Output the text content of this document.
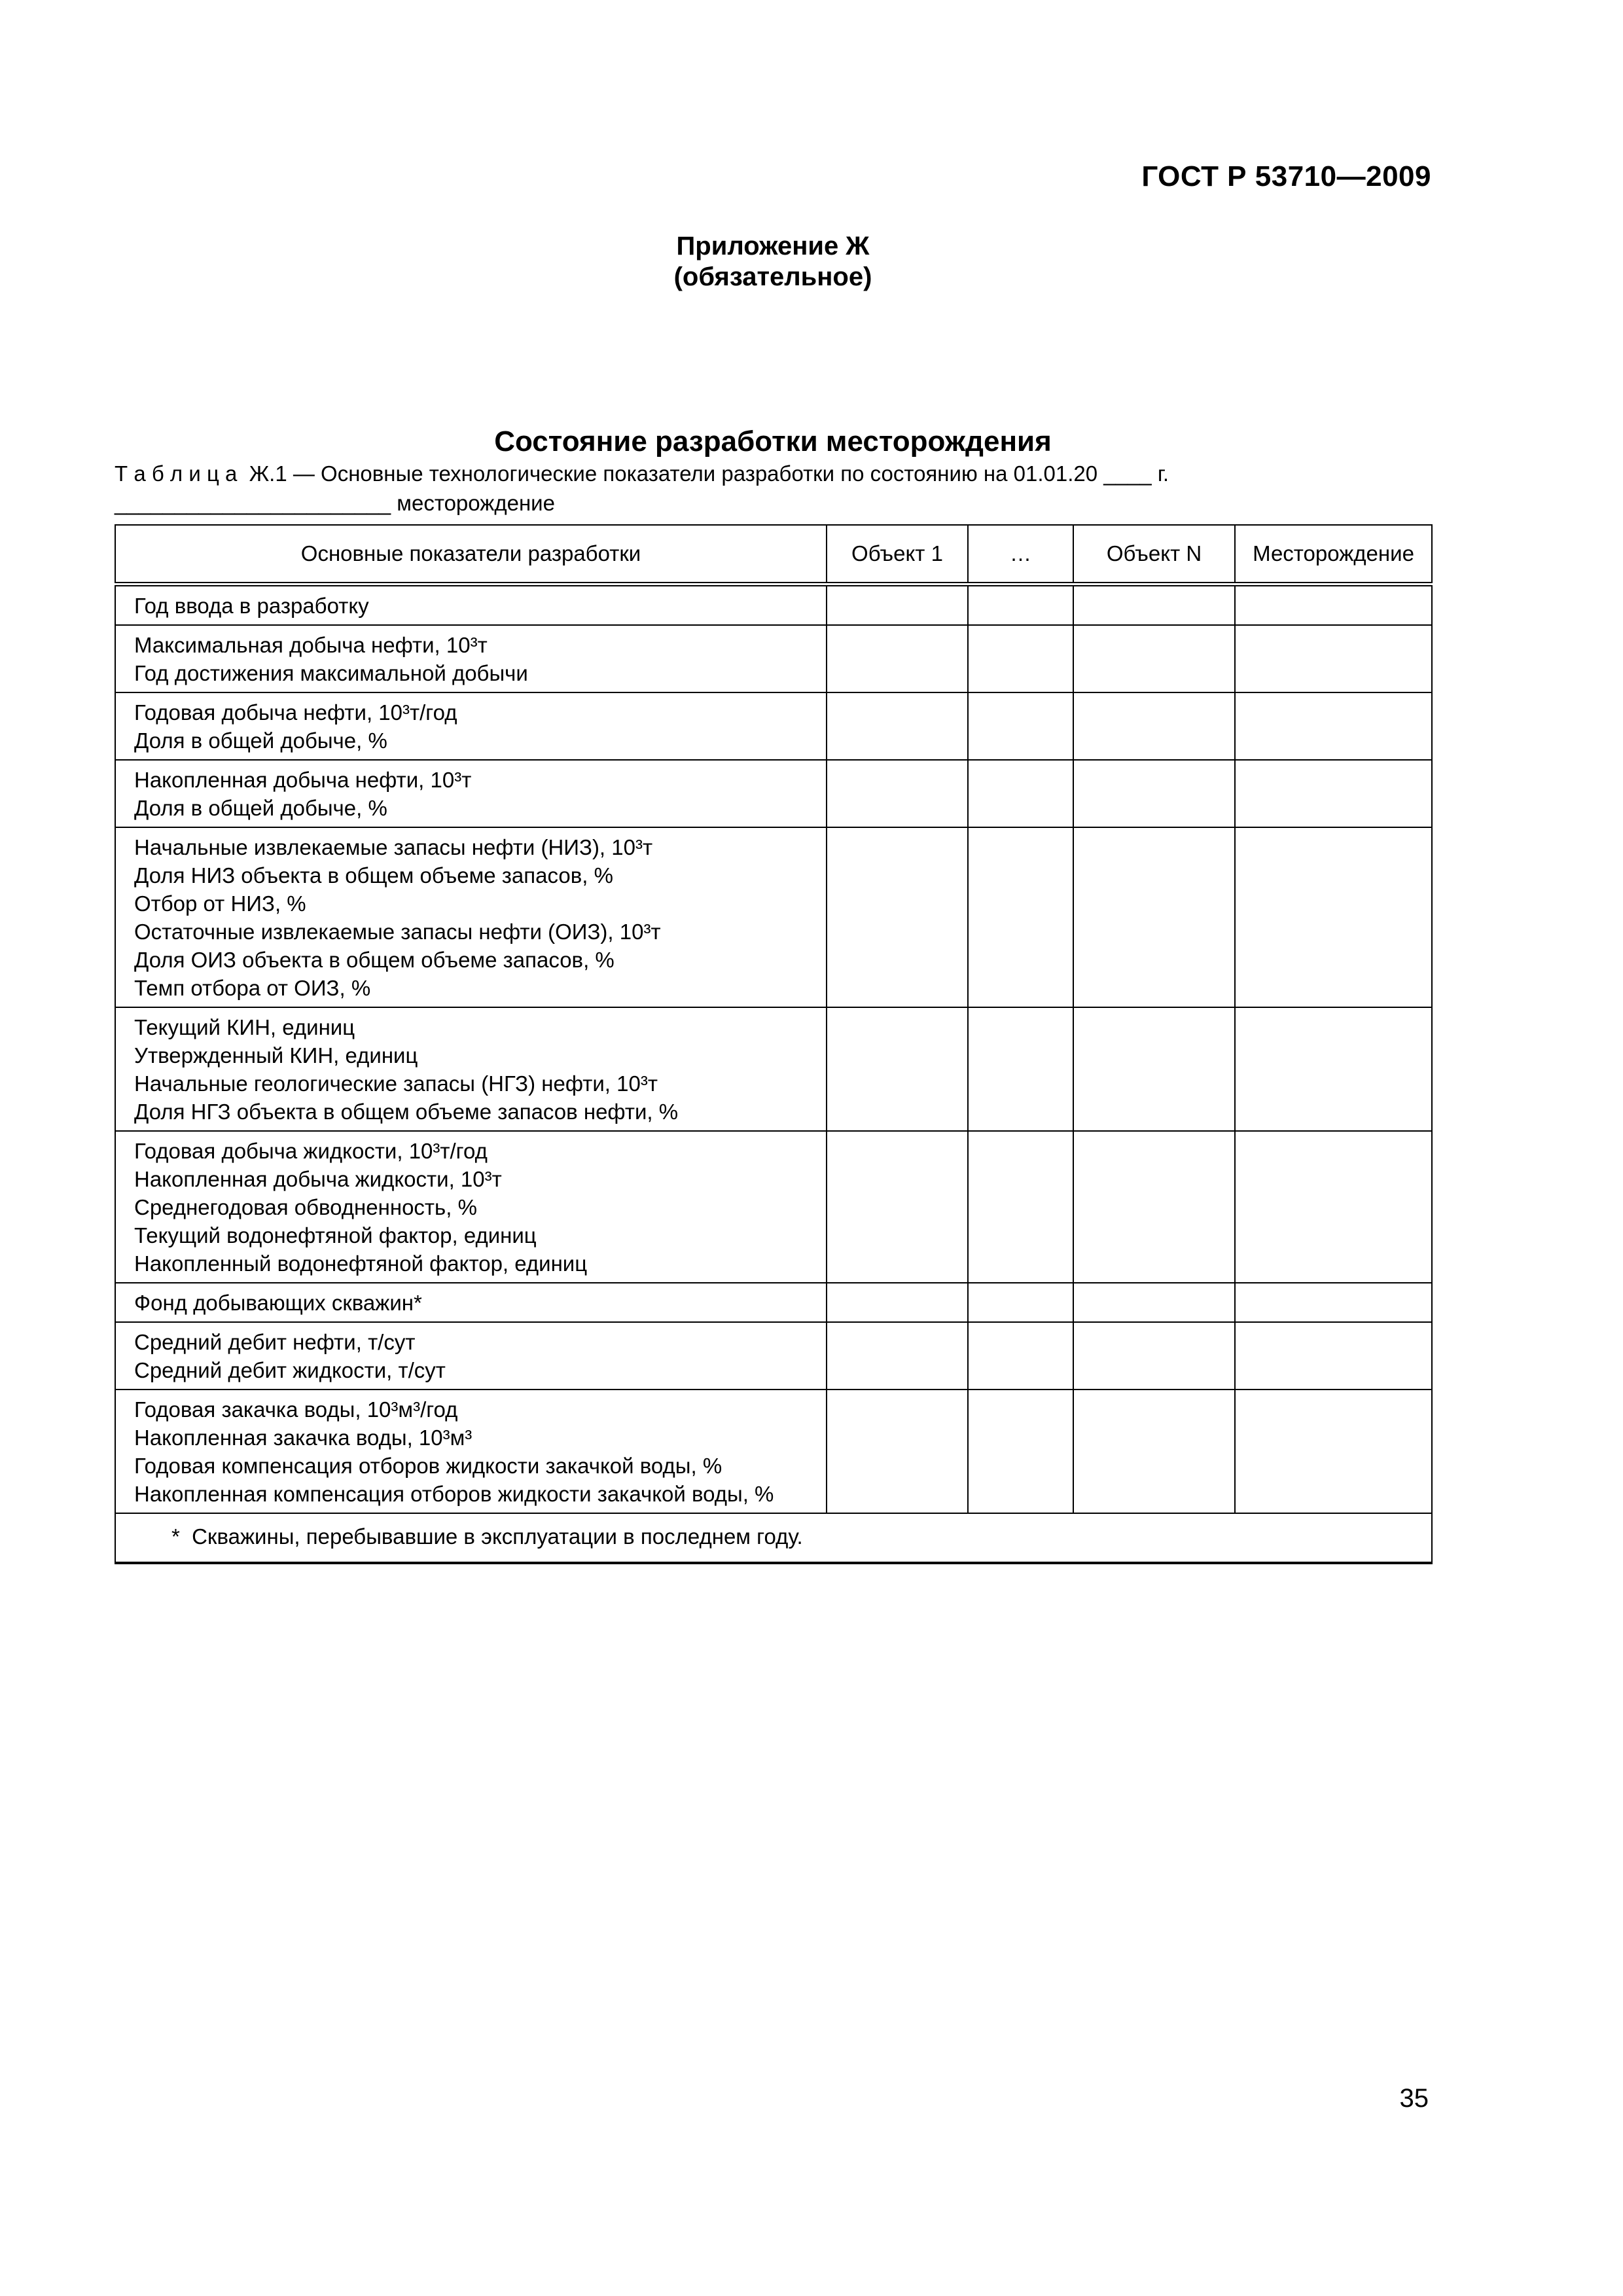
ГОСТ Р 53710—2009
Приложение Ж
(обязательное)
Состояние разработки месторождения

Т а б л и ц а  Ж.1 — Основные технологические показатели разработки по состоянию на 01.01.20 ____ г.
_______________________ месторождение

Основные показатели разработки	Объект 1	…	Объект N	Месторождение

Год ввода в разработку				

Максимальная добыча нефти, 10³т
Год достижения максимальной добычи				

Годовая добыча нефти, 10³т/год
Доля в общей добыче, %				

Накопленная добыча нефти, 10³т
Доля в общей добыче, %				

Начальные извлекаемые запасы нефти (НИЗ), 10³т
Доля НИЗ объекта в общем объеме запасов, %
Отбор от НИЗ, %
Остаточные извлекаемые запасы нефти (ОИЗ), 10³т
Доля ОИЗ объекта в общем объеме запасов, %
Темп отбора от ОИЗ, %

Текущий КИН, единиц
Утвержденный КИН, единиц
Начальные геологические запасы (НГЗ) нефти, 10³т
Доля НГЗ объекта в общем объеме запасов нефти, %				

Годовая добыча жидкости, 10³т/год
Накопленная добыча жидкости, 10³т
Среднегодовая обводненность, %
Текущий водонефтяной фактор, единиц
Накопленный водонефтяной фактор, единиц				

Фонд добывающих скважин*				

Средний дебит нефти, т/сут
Средний дебит жидкости, т/сут				

Годовая закачка воды, 10³м³/год
Накопленная закачка воды, 10³м³
Годовая компенсация отборов жидкости закачкой воды, %
Накопленная компенсация отборов жидкости закачкой воды, %				

*  Скважины, перебывавшие в эксплуатации в последнем году.				
35
